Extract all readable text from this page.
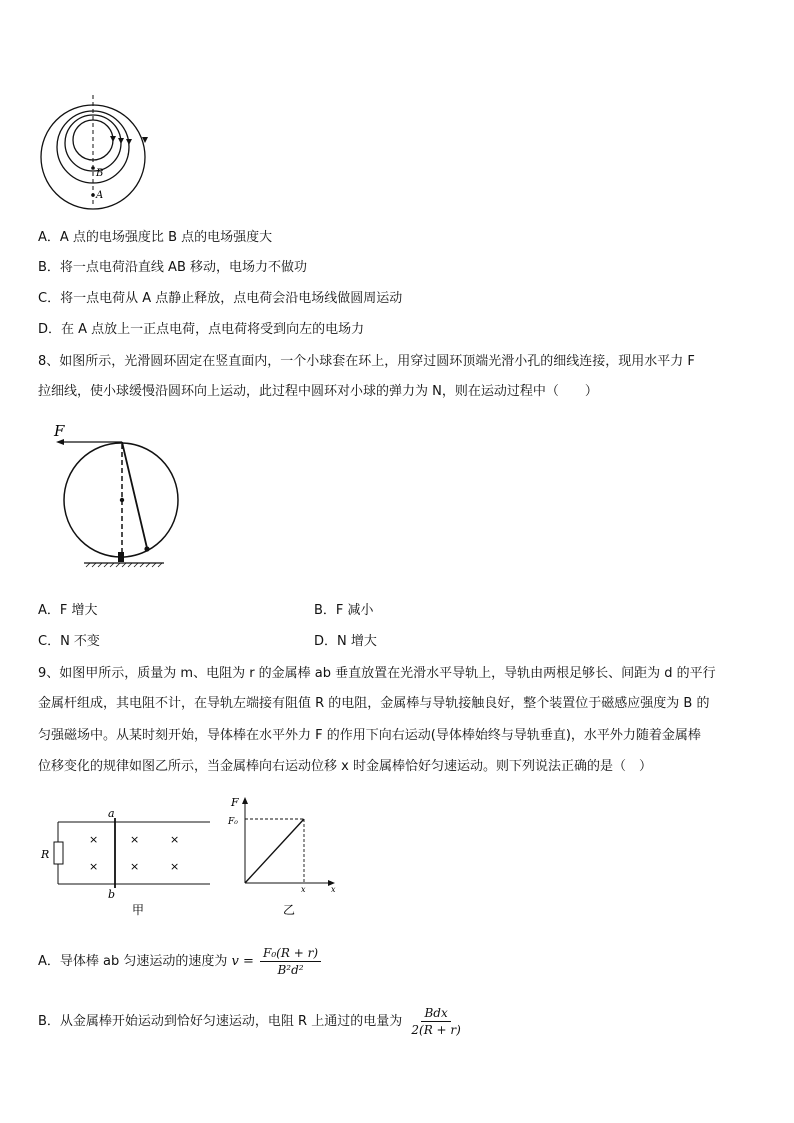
B
A
A．A 点的电场强度比 B 点的电场强度大
B．将一点电荷沿直线 AB 移动，电场力不做功
C．将一点电荷从 A 点静止释放，点电荷会沿电场线做圆周运动
D．在 A 点放上一正点电荷，点电荷将受到向左的电场力
8、如图所示，光滑圆环固定在竖直面内，一个小球套在环上，用穿过圆环顶端光滑小孔的细线连接，现用水平力 F
拉细线，使小球缓慢沿圆环向上运动，此过程中圆环对小球的弹力为 N，则在运动过程中（　　）
F
A．F 增大	B．F 减小
C．N 不变	D．N 增大
9、如图甲所示，质量为 m、电阻为 r 的金属棒 ab 垂直放置在光滑水平导轨上，导轨由两根足够长、间距为 d 的平行
金属杆组成，其电阻不计，在导轨左端接有阻值 R 的电阻，金属棒与导轨接触良好，整个装置位于磁感应强度为 B 的
匀强磁场中。从某时刻开始，导体棒在水平外力 F 的作用下向右运动(导体棒始终与导轨垂直)，水平外力随着金属棒
位移变化的规律如图乙所示，当金属棒向右运动位移 x 时金属棒恰好匀速运动。则下列说法正确的是（　）
a
b
R
×	×	×
×	×	×
甲
F
F₀
x	x
乙
A．导体棒 ab 匀速运动的速度为 $v = \frac{\text{F₀(R + r)}}{\text{B²d²}}$
B．从金属棒开始运动到恰好匀速运动，电阻 R 上通过的电量为 $\frac{\text{Bdx}}{2(R + r)}$
